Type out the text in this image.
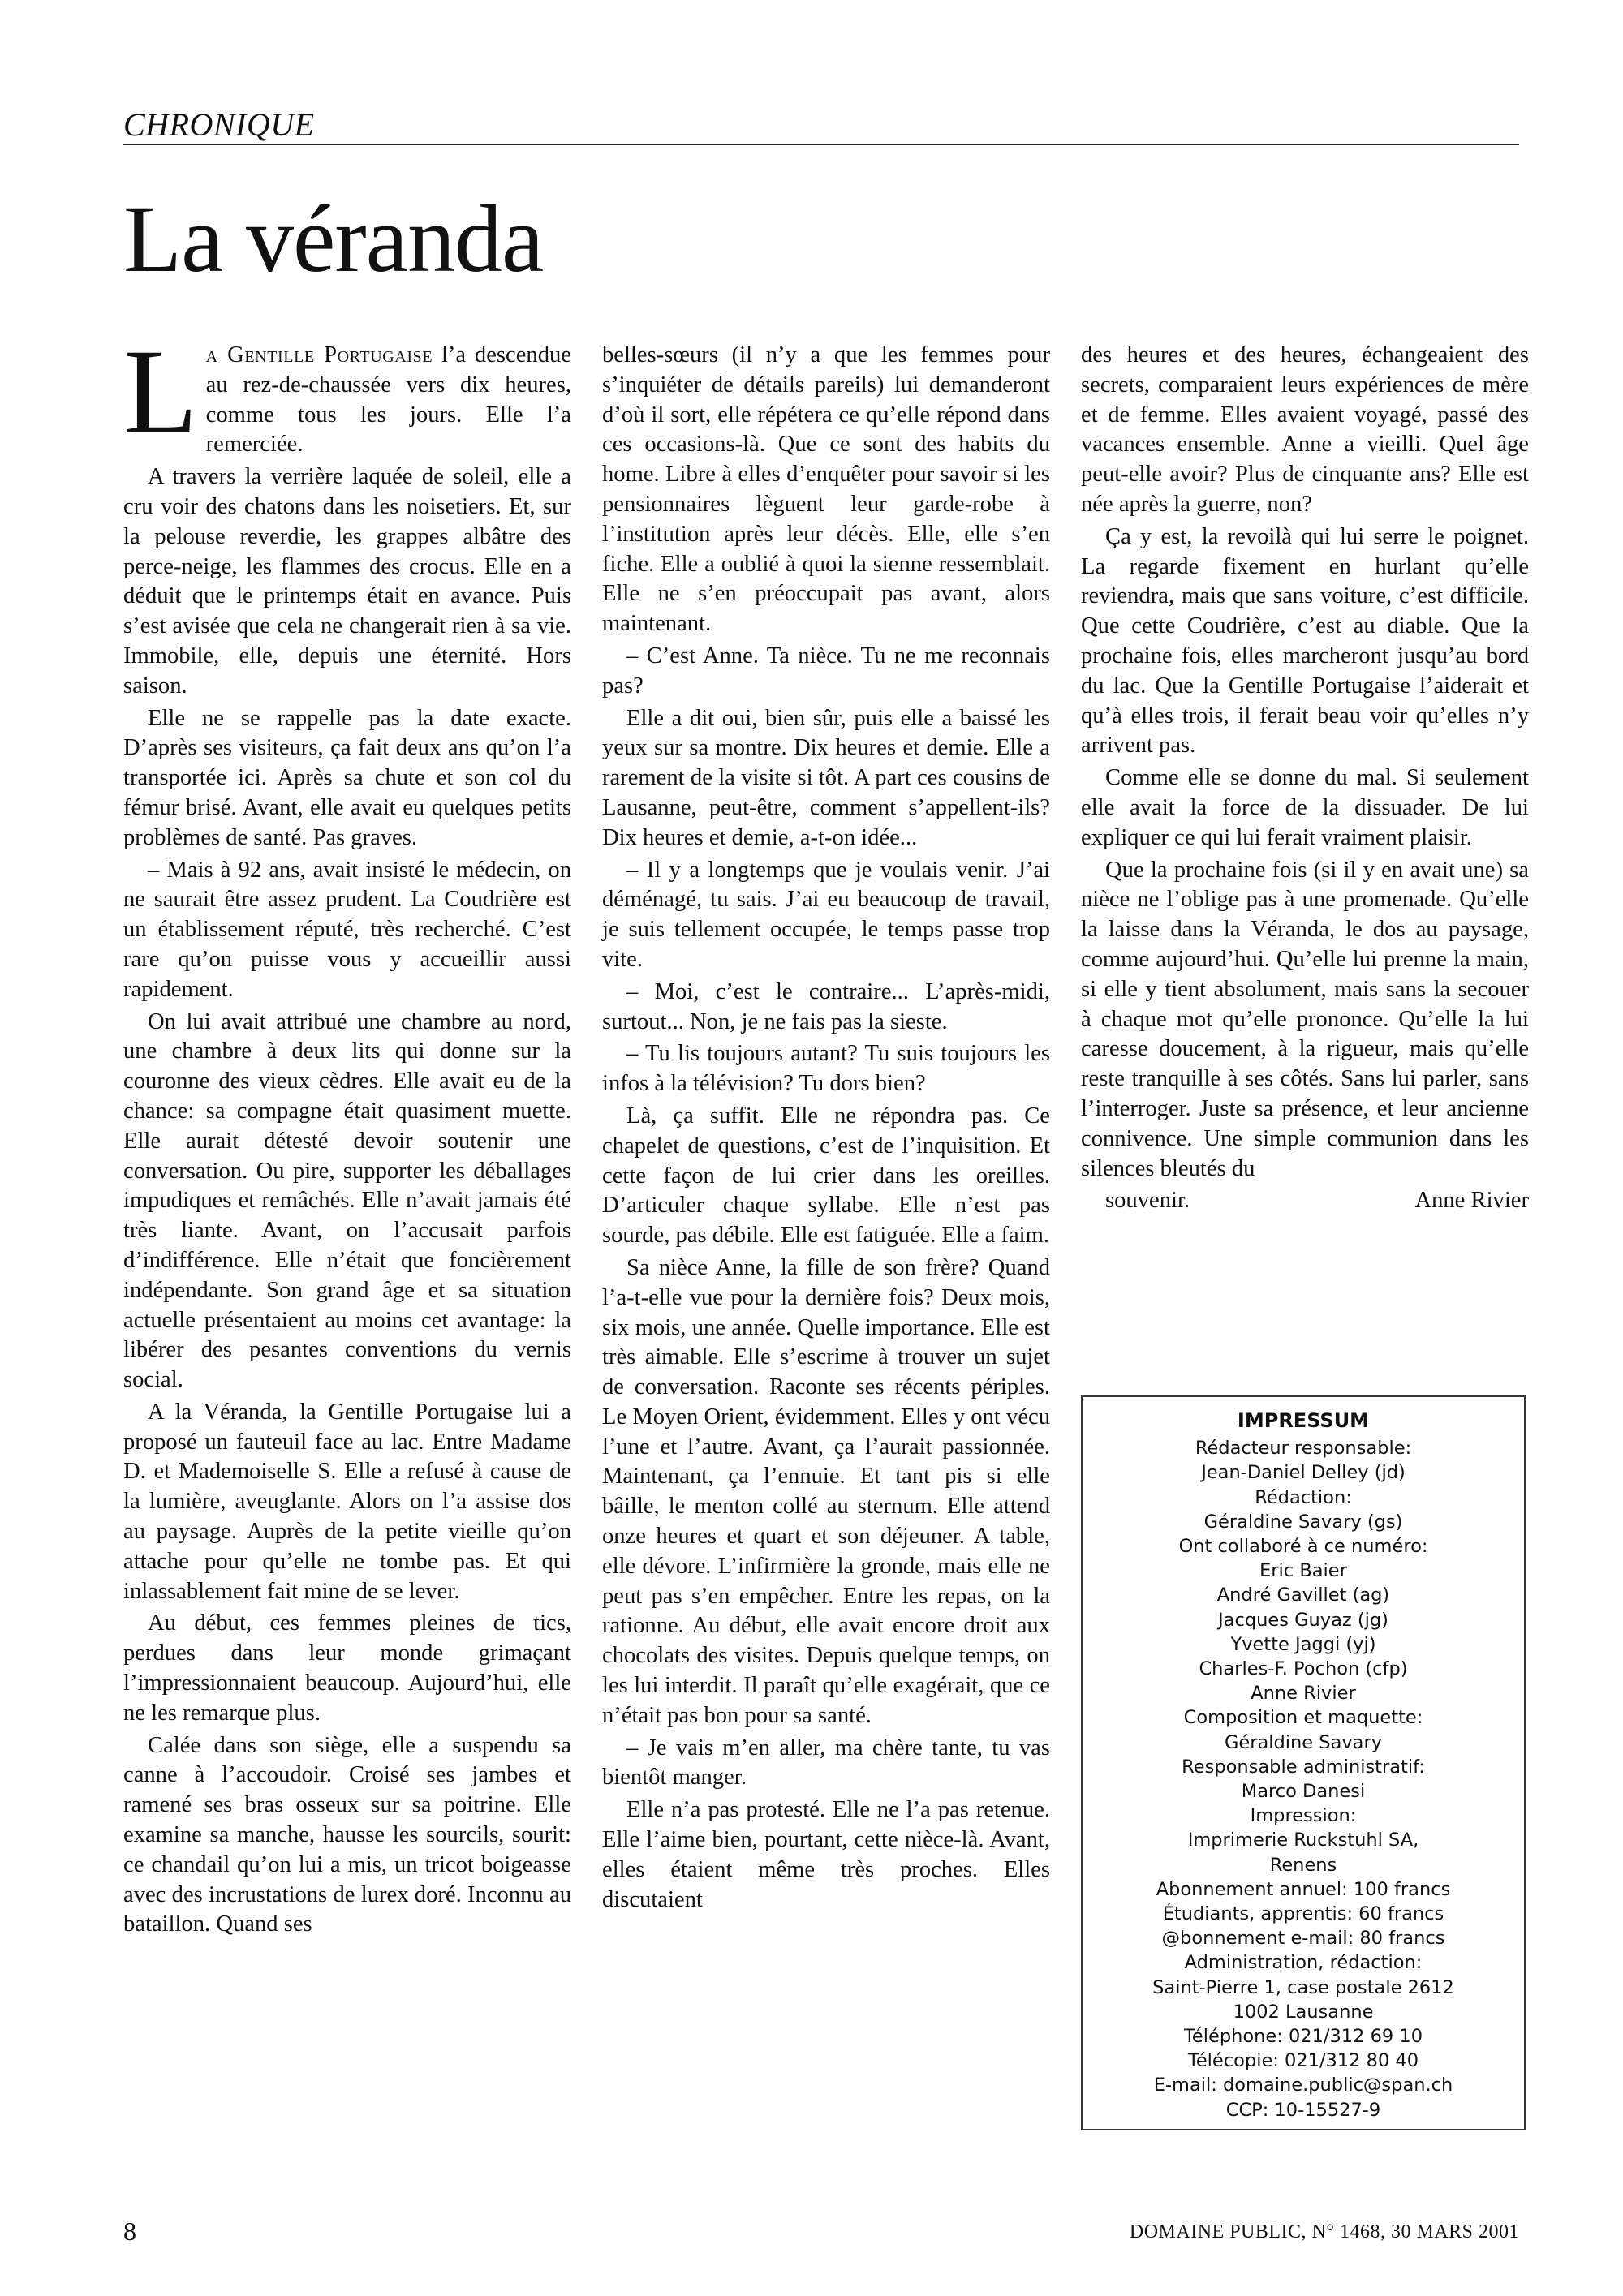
CHRONIQUE
La véranda

La Gentille Portugaise l’a descendue au rez-de-chaussée vers dix heures, comme tous les jours. Elle l’a remerciée.

A travers la verrière laquée de soleil, elle a cru voir des chatons dans les noisetiers. Et, sur la pelouse reverdie, les grappes albâtre des perce-neige, les flammes des crocus. Elle en a déduit que le printemps était en avance. Puis s’est avisée que cela ne changerait rien à sa vie. Immobile, elle, depuis une éternité. Hors saison.

Elle ne se rappelle pas la date exacte. D’après ses visiteurs, ça fait deux ans qu’on l’a transportée ici. Après sa chute et son col du fémur brisé. Avant, elle avait eu quelques petits problèmes de santé. Pas graves.

– Mais à 92 ans, avait insisté le médecin, on ne saurait être assez prudent. La Coudrière est un établissement réputé, très recherché. C’est rare qu’on puisse vous y accueillir aussi rapidement.

On lui avait attribué une chambre au nord, une chambre à deux lits qui donne sur la couronne des vieux cèdres. Elle avait eu de la chance: sa compagne était quasiment muette. Elle aurait détesté devoir soutenir une conversation. Ou pire, supporter les déballages impudiques et remâchés. Elle n’avait jamais été très liante. Avant, on l’accusait parfois d’indifférence. Elle n’était que foncièrement indépendante. Son grand âge et sa situation actuelle présentaient au moins cet avantage: la libérer des pesantes conventions du vernis social.

A la Véranda, la Gentille Portugaise lui a proposé un fauteuil face au lac. Entre Madame D. et Mademoiselle S. Elle a refusé à cause de la lumière, aveuglante. Alors on l’a assise dos au paysage. Auprès de la petite vieille qu’on attache pour qu’elle ne tombe pas. Et qui inlassablement fait mine de se lever.

Au début, ces femmes pleines de tics, perdues dans leur monde grimaçant l’impressionnaient beaucoup. Aujourd’hui, elle ne les remarque plus.

Calée dans son siège, elle a suspendu sa canne à l’accoudoir. Croisé ses jambes et ramené ses bras osseux sur sa poitrine. Elle examine sa manche, hausse les sourcils, sourit: ce chandail qu’on lui a mis, un tricot boigeasse avec des incrustations de lurex doré. Inconnu au bataillon. Quand ses

belles-sœurs (il n’y a que les femmes pour s’inquiéter de détails pareils) lui demanderont d’où il sort, elle répétera ce qu’elle répond dans ces occasions-là. Que ce sont des habits du home. Libre à elles d’enquêter pour savoir si les pensionnaires lèguent leur garde-robe à l’institution après leur décès. Elle, elle s’en fiche. Elle a oublié à quoi la sienne ressemblait. Elle ne s’en préoccupait pas avant, alors maintenant.

– C’est Anne. Ta nièce. Tu ne me reconnais pas?

Elle a dit oui, bien sûr, puis elle a baissé les yeux sur sa montre. Dix heures et demie. Elle a rarement de la visite si tôt. A part ces cousins de Lausanne, peut-être, comment s’appellent-ils? Dix heures et demie, a-t-on idée...

– Il y a longtemps que je voulais venir. J’ai déménagé, tu sais. J’ai eu beaucoup de travail, je suis tellement occupée, le temps passe trop vite.

– Moi, c’est le contraire... L’après-midi, surtout... Non, je ne fais pas la sieste.

– Tu lis toujours autant? Tu suis toujours les infos à la télévision? Tu dors bien?

Là, ça suffit. Elle ne répondra pas. Ce chapelet de questions, c’est de l’inquisition. Et cette façon de lui crier dans les oreilles. D’articuler chaque syllabe. Elle n’est pas sourde, pas débile. Elle est fatiguée. Elle a faim.

Sa nièce Anne, la fille de son frère? Quand l’a-t-elle vue pour la dernière fois? Deux mois, six mois, une année. Quelle importance. Elle est très aimable. Elle s’escrime à trouver un sujet de conversation. Raconte ses récents périples. Le Moyen Orient, évidemment. Elles y ont vécu l’une et l’autre. Avant, ça l’aurait passionnée. Maintenant, ça l’ennuie. Et tant pis si elle bâille, le menton collé au sternum. Elle attend onze heures et quart et son déjeuner. A table, elle dévore. L’infirmière la gronde, mais elle ne peut pas s’en empêcher. Entre les repas, on la rationne. Au début, elle avait encore droit aux chocolats des visites. Depuis quelque temps, on les lui interdit. Il paraît qu’elle exagérait, que ce n’était pas bon pour sa santé.

– Je vais m’en aller, ma chère tante, tu vas bientôt manger.

Elle n’a pas protesté. Elle ne l’a pas retenue. Elle l’aime bien, pourtant, cette nièce-là. Avant, elles étaient même très proches. Elles discutaient

des heures et des heures, échangeaient des secrets, comparaient leurs expériences de mère et de femme. Elles avaient voyagé, passé des vacances ensemble. Anne a vieilli. Quel âge peut-elle avoir? Plus de cinquante ans? Elle est née après la guerre, non?

Ça y est, la revoilà qui lui serre le poignet. La regarde fixement en hurlant qu’elle reviendra, mais que sans voiture, c’est difficile. Que cette Coudrière, c’est au diable. Que la prochaine fois, elles marcheront jusqu’au bord du lac. Que la Gentille Portugaise l’aiderait et qu’à elles trois, il ferait beau voir qu’elles n’y arrivent pas.

Comme elle se donne du mal. Si seulement elle avait la force de la dissuader. De lui expliquer ce qui lui ferait vraiment plaisir.

Que la prochaine fois (si il y en avait une) sa nièce ne l’oblige pas à une promenade. Qu’elle la laisse dans la Véranda, le dos au paysage, comme aujourd’hui. Qu’elle lui prenne la main, si elle y tient absolument, mais sans la secouer à chaque mot qu’elle prononce. Qu’elle la lui caresse doucement, à la rigueur, mais qu’elle reste tranquille à ses côtés. Sans lui parler, sans l’interroger. Juste sa présence, et leur ancienne connivence. Une simple communion dans les silences bleutés du

souvenir.	Anne Rivier

IMPRESSUM
Rédacteur responsable:
Jean-Daniel Delley (jd)
Rédaction:
Géraldine Savary (gs)
Ont collaboré à ce numéro:
Eric Baier
André Gavillet (ag)
Jacques Guyaz (jg)
Yvette Jaggi (yj)
Charles-F. Pochon (cfp)
Anne Rivier
Composition et maquette:
Géraldine Savary
Responsable administratif:
Marco Danesi
Impression:
Imprimerie Ruckstuhl SA,
Renens
Abonnement annuel: 100 francs
Étudiants, apprentis: 60 francs
@bonnement e-mail: 80 francs
Administration, rédaction:
Saint-Pierre 1, case postale 2612
1002 Lausanne
Téléphone: 021/312 69 10
Télécopie: 021/312 80 40
E-mail: domaine.public@span.ch
CCP: 10-15527-9
8	DOMAINE PUBLIC, N° 1468, 30 MARS 2001
